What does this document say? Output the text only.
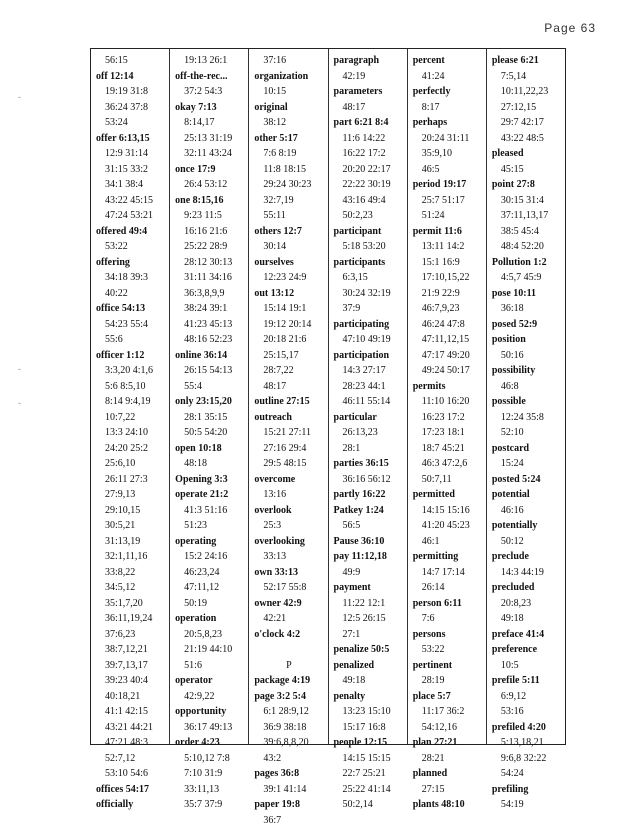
Page 63
-
-
-
56:15
off 12:14
19:19 31:8
36:24 37:8
53:24
offer 6:13,15
12:9 31:14
31:15 33:2
34:1 38:4
43:22 45:15
47:24 53:21
offered 49:4
53:22
offering
34:18 39:3
40:22
office 54:13
54:23 55:4
55:6
officer 1:12
3:3,20 4:1,6
5:6 8:5,10
8:14 9:4,19
10:7,22
13:3 24:10
24:20 25:2
25:6,10
26:11 27:3
27:9,13
29:10,15
30:5,21
31:13,19
32:1,11,16
33:8,22
34:5,12
35:1,7,20
36:11,19,24
37:6,23
38:7,12,21
39:7,13,17
39:23 40:4
40:18,21
41:1 42:15
43:21 44:21
47:21 48:3
52:7,12
53:10 54:6
offices 54:17
officially
19:13 26:1
off-the-rec...
37:2 54:3
okay 7:13
8:14,17
25:13 31:19
32:11 43:24
once 17:9
26:4 53:12
one 8:15,16
9:23 11:5
16:16 21:6
25:22 28:9
28:12 30:13
31:11 34:16
36:3,8,9,9
38:24 39:1
41:23 45:13
48:16 52:23
online 36:14
26:15 54:13
55:4
only 23:15,20
28:1 35:15
50:5 54:20
open 10:18
48:18
Opening 3:3
operate 21:2
41:3 51:16
51:23
operating
15:2 24:16
46:23,24
47:11,12
50:19
operation
20:5,8,23
21:19 44:10
51:6
operator
42:9,22
opportunity
36:17 49:13
order 4:23
5:10,12 7:8
7:10 31:9
33:11,13
35:7 37:9
37:16
organization
10:15
original
38:12
other 5:17
7:6 8:19
11:8 18:15
29:24 30:23
32:7,19
55:11
others 12:7
30:14
ourselves
12:23 24:9
out 13:12
15:14 19:1
19:12 20:14
20:18 21:6
25:15,17
28:7,22
48:17
outline 27:15
outreach
15:21 27:11
27:16 29:4
29:5 48:15
overcome
13:16
overlook
25:3
overlooking
33:13
own 33:13
52:17 55:8
owner 42:9
42:21
o'clock 4:2
P
package 4:19
page 3:2 5:4
6:1 28:9,12
36:9 38:18
39:6,8,8,20
43:2
pages 36:8
39:1 41:14
paper 19:8
36:7
paragraph
42:19
parameters
48:17
part 6:21 8:4
11:6 14:22
16:22 17:2
20:20 22:17
22:22 30:19
43:16 49:4
50:2,23
participant
5:18 53:20
participants
6:3,15
30:24 32:19
37:9
participating
47:10 49:19
participation
14:3 27:17
28:23 44:1
46:11 55:14
particular
26:13,23
28:1
parties 36:15
36:16 56:12
partly 16:22
Patkey 1:24
56:5
Pause 36:10
pay 11:12,18
49:9
payment
11:22 12:1
12:5 26:15
27:1
penalize 50:5
penalized
49:18
penalty
13:23 15:10
15:17 16:8
people 12:15
14:15 15:15
22:7 25:21
25:22 41:14
50:2,14
percent
41:24
perfectly
8:17
perhaps
20:24 31:11
35:9,10
46:5
period 19:17
25:7 51:17
51:24
permit 11:6
13:11 14:2
15:1 16:9
17:10,15,22
21:9 22:9
46:7,9,23
46:24 47:8
47:11,12,15
47:17 49:20
49:24 50:17
permits
11:10 16:20
16:23 17:2
17:23 18:1
18:7 45:21
46:3 47:2,6
50:7,11
permitted
14:15 15:16
41:20 45:23
46:1
permitting
14:7 17:14
26:14
person 6:11
7:6
persons
53:22
pertinent
28:19
place 5:7
11:17 36:2
54:12,16
plan 27:21
28:21
planned
27:15
plants 48:10
please 6:21
7:5,14
10:11,22,23
27:12,15
29:7 42:17
43:22 48:5
pleased
45:15
point 27:8
30:15 31:4
37:11,13,17
38:5 45:4
48:4 52:20
Pollution 1:2
4:5,7 45:9
pose 10:11
36:18
posed 52:9
position
50:16
possibility
46:8
possible
12:24 35:8
52:10
postcard
15:24
posted 5:24
potential
46:16
potentially
50:12
preclude
14:3 44:19
precluded
20:8,23
49:18
preface 41:4
preference
10:5
prefile 5:11
6:9,12
53:16
prefiled 4:20
5:13,18,21
9:6,8 32:22
54:24
prefiling
54:19
